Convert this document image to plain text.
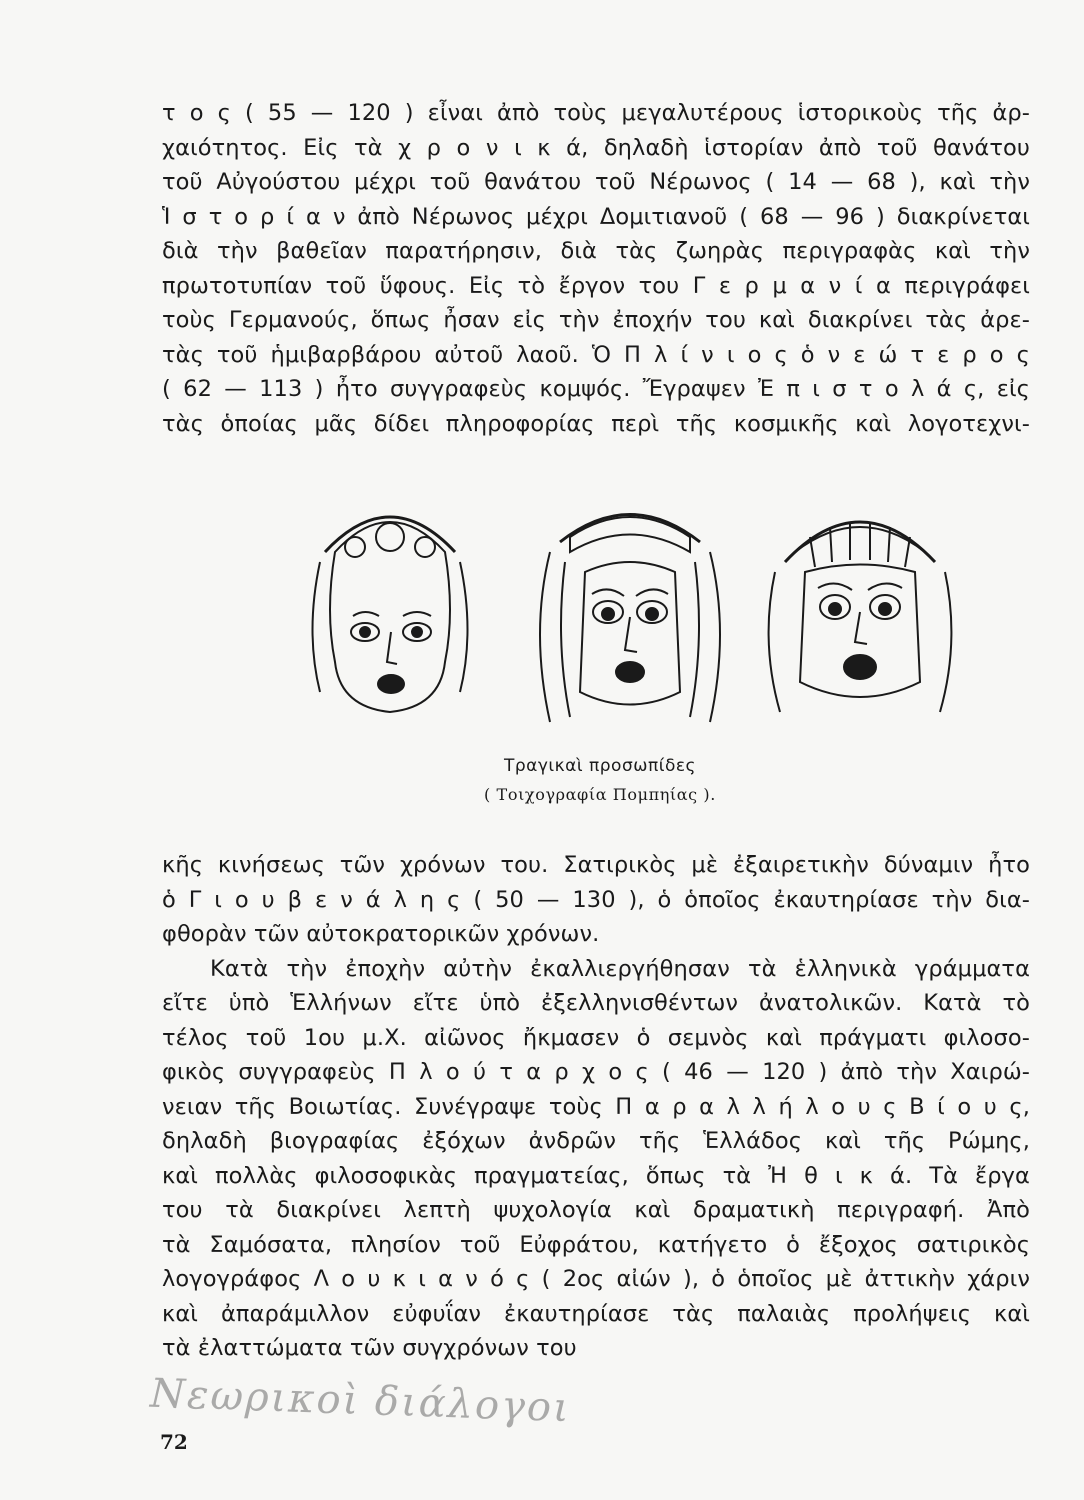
τ ο ς ( 55 — 120 ) εἶναι ἀπὸ τοὺς μεγαλυτέρους ἱστορικοὺς τῆς ἀρ-
χαιότητος. Εἰς τὰ χ ρ ο ν ι κ ά, δηλαδὴ ἱστορίαν ἀπὸ τοῦ θανάτου
τοῦ Αὐγούστου μέχρι τοῦ θανάτου τοῦ Νέρωνος ( 14 — 68 ), καὶ τὴν
Ἱ σ τ ο ρ ί α ν ἀπὸ Νέρωνος μέχρι Δομιτιανοῦ ( 68 — 96 ) διακρίνεται
διὰ τὴν βαθεῖαν παρατήρησιν, διὰ τὰς ζωηρὰς περιγραφὰς καὶ τὴν
πρωτοτυπίαν τοῦ ὕφους. Εἰς τὸ ἔργον του Γ ε ρ μ α ν ί α περιγράφει
τοὺς Γερμανούς, ὅπως ἦσαν εἰς τὴν ἐποχήν του καὶ διακρίνει τὰς ἀρε-
τὰς τοῦ ἡμιβαρβάρου αὐτοῦ λαοῦ. Ὁ Π λ ί ν ι ο ς ὁ ν ε ώ τ ε ρ ο ς
( 62 — 113 ) ἦτο συγγραφεὺς κομψός. Ἔγραψεν Ἐ π ι σ τ ο λ ά ς, εἰς
τὰς ὁποίας μᾶς δίδει πληροφορίας περὶ τῆς κοσμικῆς καὶ λογοτεχνι-
Τραγικαὶ προσωπίδες
( Τοιχογραφία Πομπηίας ).
κῆς κινήσεως τῶν χρόνων του. Σατιρικὸς μὲ ἐξαιρετικὴν δύναμιν ἦτο
ὁ Γ ι ο υ β ε ν ά λ η ς ( 50 — 130 ), ὁ ὁποῖος ἐκαυτηρίασε τὴν δια-
φθορὰν τῶν αὐτοκρατορικῶν χρόνων.
Κατὰ τὴν ἐποχὴν αὐτὴν ἐκαλλιεργήθησαν τὰ ἑλληνικὰ γράμματα
εἴτε ὑπὸ Ἑλλήνων εἴτε ὑπὸ ἐξελληνισθέντων ἀνατολικῶν. Κατὰ τὸ
τέλος τοῦ 1ου μ.Χ. αἰῶνος ἤκμασεν ὁ σεμνὸς καὶ πράγματι φιλοσο-
φικὸς συγγραφεὺς Π λ ο ύ τ α ρ χ ο ς ( 46 — 120 ) ἀπὸ τὴν Χαιρώ-
νειαν τῆς Βοιωτίας. Συνέγραψε τοὺς Π α ρ α λ λ ή λ ο υ ς Β ί ο υ ς,
δηλαδὴ βιογραφίας ἐξόχων ἀνδρῶν τῆς Ἑλλάδος καὶ τῆς Ρώμης,
καὶ πολλὰς φιλοσοφικὰς πραγματείας, ὅπως τὰ Ἠ θ ι κ ά. Τὰ ἔργα
του τὰ διακρίνει λεπτὴ ψυχολογία καὶ δραματικὴ περιγραφή. Ἀπὸ
τὰ Σαμόσατα, πλησίον τοῦ Εὐφράτου, κατήγετο ὁ ἔξοχος σατιρικὸς
λογογράφος Λ ο υ κ ι α ν ό ς ( 2ος αἰών ), ὁ ὁποῖος μὲ ἀττικὴν χάριν
καὶ ἀπαράμιλλον εὐφυΐαν ἐκαυτηρίασε τὰς παλαιὰς προλήψεις καὶ
τὰ ἐλαττώματα τῶν συγχρόνων του
Νεωρικοὶ διάλογοι
72
